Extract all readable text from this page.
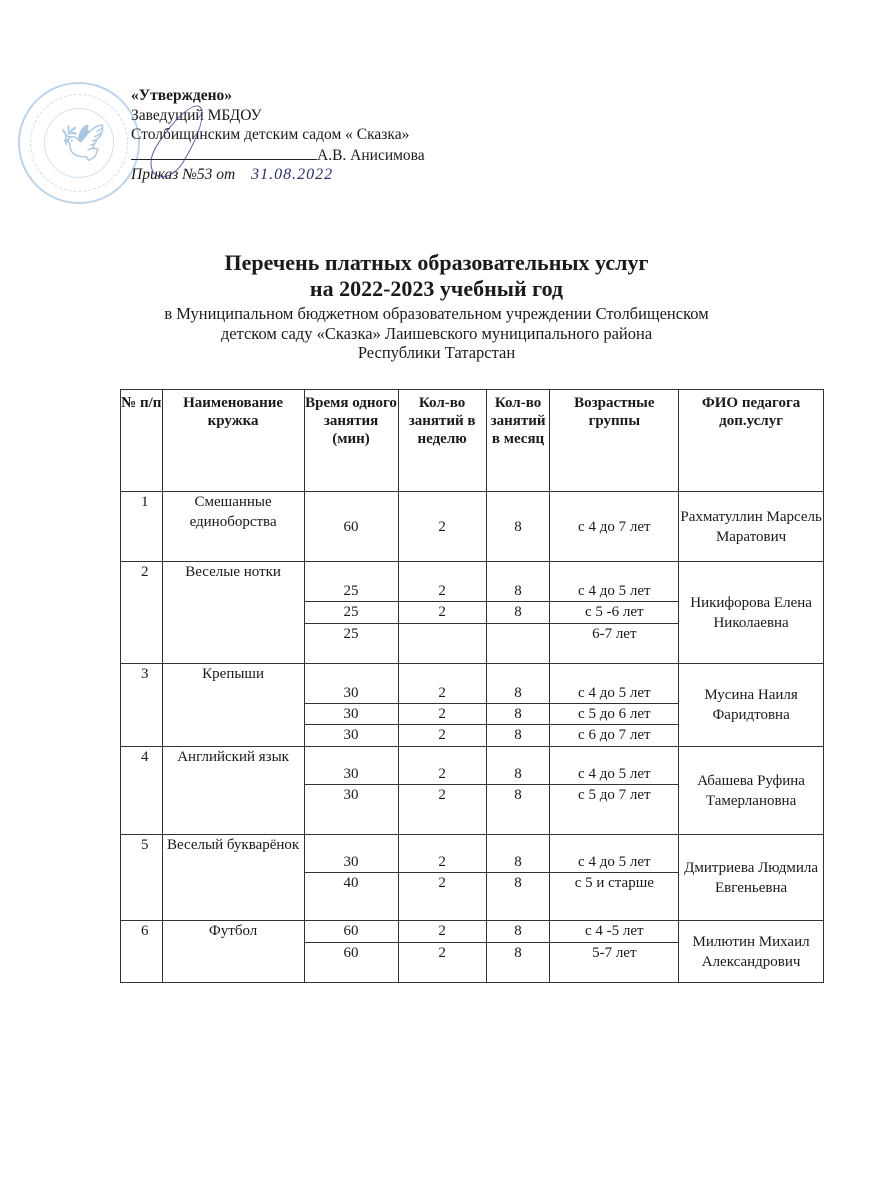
🕊
«Утверждено»
Заведущий МБДОУ
Столбищинским детским садом « Сказка»
А.В. Анисимова
Приказ №53 от 31.08.2022
Перечень платных образовательных услуг
на 2022-2023 учебный год
в Муниципальном бюджетном образовательном учреждении Столбищенском
детском саду «Сказка» Лаишевского муниципального района
Республики Татарстан
№ п/п	Наименование кружка	Время одного занятия (мин)	Кол-во занятий в неделю	Кол-во занятий в месяц	Возрастные группы	ФИО педагога доп.услуг
1	Смешанные единоборства	60	2	8	с 4 до 7 лет	Рахматуллин Марсель Маратович
2	Веселые нотки	25	2	8	с 4 до 5 лет	Никифорова Елена Николаевна
		25	2	8	с 5 -6 лет	
		25			6-7 лет	
3	Крепыши	30	2	8	с 4 до 5 лет	Мусина Наиля Фаридтовна
		30	2	8	с 5 до 6 лет	
		30	2	8	с 6 до 7 лет	
4	Английский язык	30	2	8	с 4 до 5 лет	Абашева Руфина Тамерлановна
		30	2	8	с 5 до 7 лет	
5	Веселый букварёнок	30	2	8	с 4 до 5 лет	Дмитриева Людмила Евгеньевна
		40	2	8	с 5 и старше	
6	Футбол	60	2	8	с 4 -5 лет	Милютин Михаил Александрович
		60	2	8	5-7 лет	
